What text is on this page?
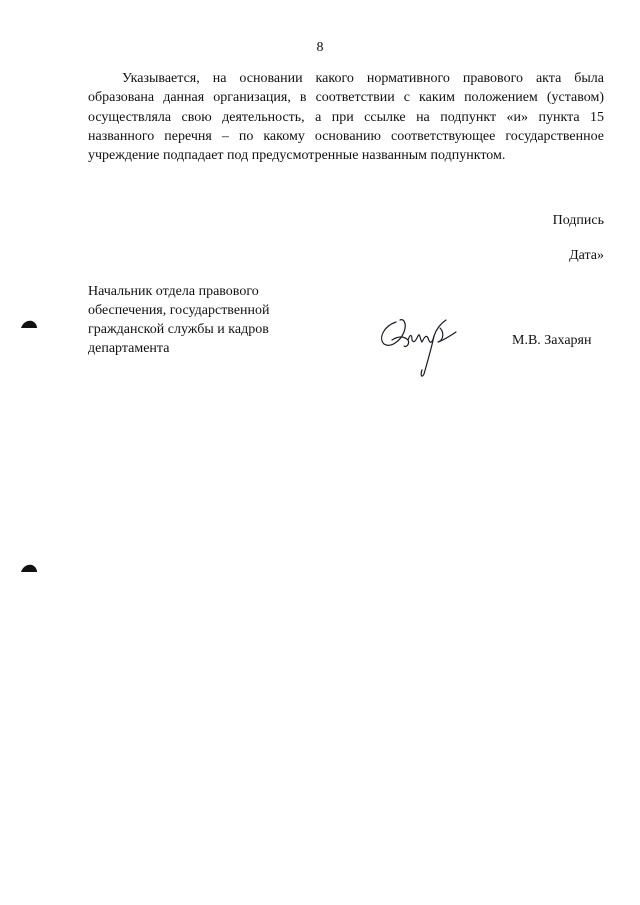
8
Указывается, на основании какого нормативного правового акта была
образована данная организация, в соответствии с каким положением (уставом)
осуществляла свою деятельность, а при ссылке на подпункт «и» пункта 15
названного перечня – по какому основанию соответствующее государственное
учреждение подпадает под предусмотренные названным подпунктом.
Подпись
Дата»
Начальник отдела правового
обеспечения, государственной
гражданской службы и кадров
департамента
М.В. Захарян
